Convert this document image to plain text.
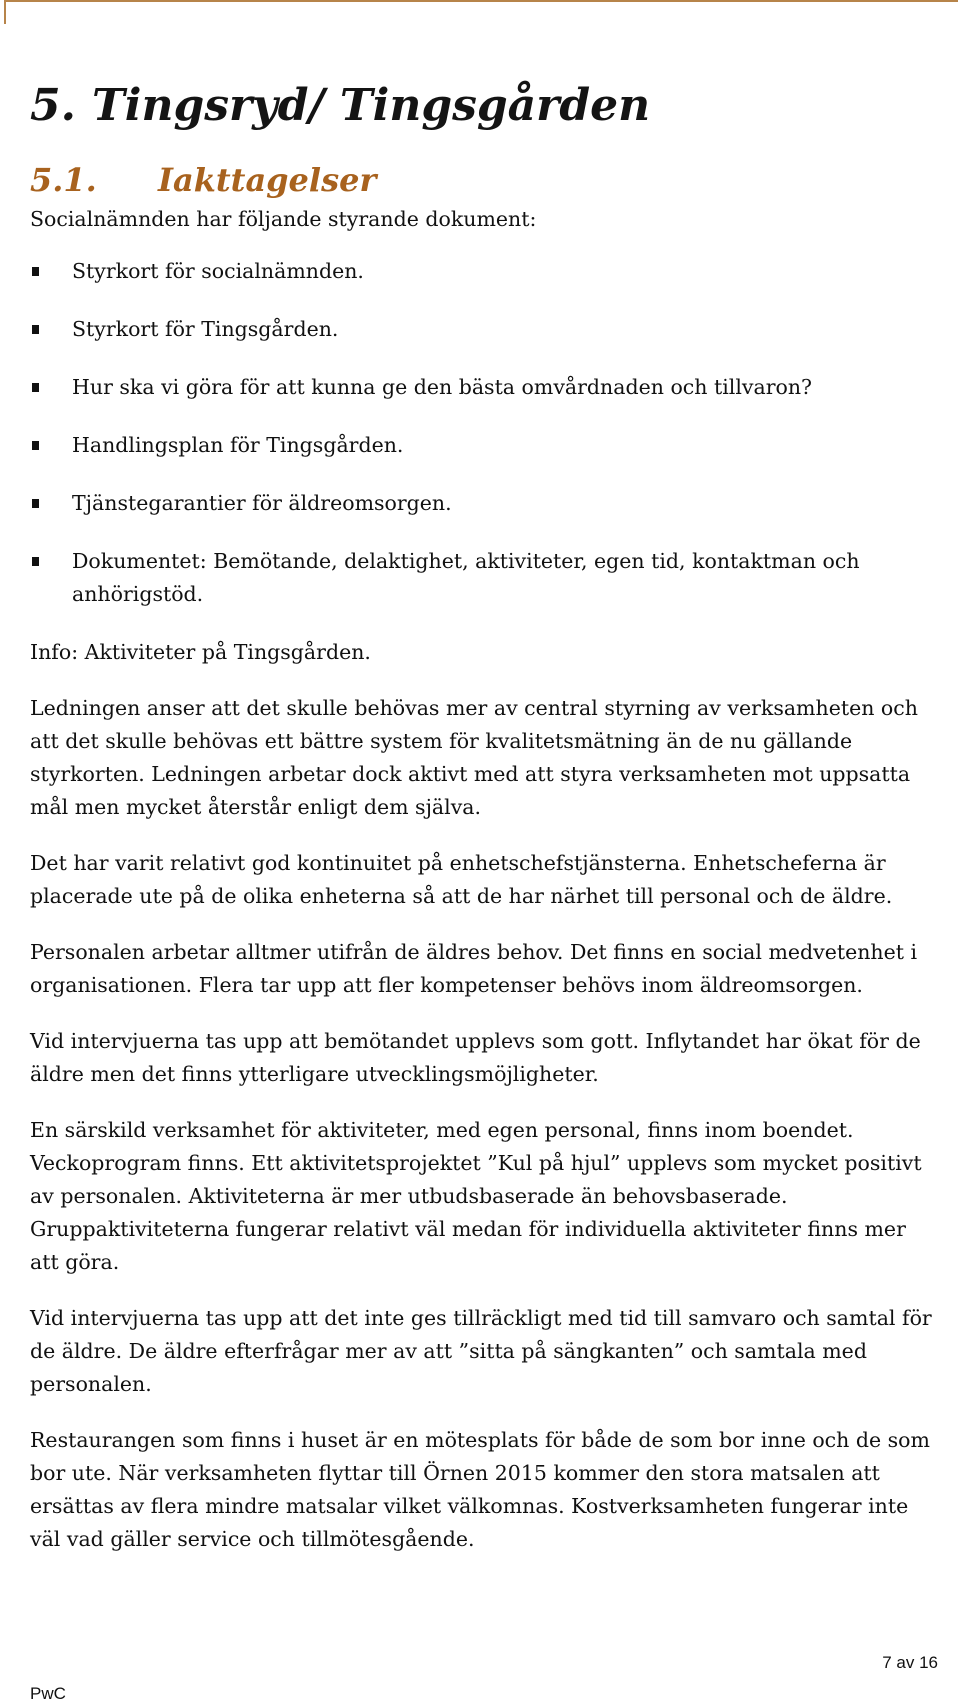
5. Tingsryd/ Tingsgården
5.1. Iakttagelser

Socialnämnden har följande styrande dokument:

Styrkort för socialnämnden.
Styrkort för Tingsgården.
Hur ska vi göra för att kunna ge den bästa omvårdnaden och tillvaron?
Handlingsplan för Tingsgården.
Tjänstegarantier för äldreomsorgen.
Dokumentet: Bemötande, delaktighet, aktiviteter, egen tid, kontaktman och anhörigstöd.

Info: Aktiviteter på Tingsgården.

Ledningen anser att det skulle behövas mer av central styrning av verksamheten och att det skulle behövas ett bättre system för kvalitetsmätning än de nu gällande styrkorten. Ledningen arbetar dock aktivt med att styra verksamheten mot uppsatta mål men mycket återstår enligt dem själva.

Det har varit relativt god kontinuitet på enhetschefstjänsterna. Enhetscheferna är placerade ute på de olika enheterna så att de har närhet till personal och de äldre.

Personalen arbetar alltmer utifrån de äldres behov. Det finns en social medvetenhet i organisationen. Flera tar upp att fler kompetenser behövs inom äldreomsorgen.

Vid intervjuerna tas upp att bemötandet upplevs som gott. Inflytandet har ökat för de äldre men det finns ytterligare utvecklingsmöjligheter.

En särskild verksamhet för aktiviteter, med egen personal, finns inom boendet. Veckoprogram finns. Ett aktivitetsprojektet ”Kul på hjul” upplevs som mycket positivt av personalen. Aktiviteterna är mer utbudsbaserade än behovsbaserade. Gruppaktiviteterna fungerar relativt väl medan för individuella aktiviteter finns mer att göra.

Vid intervjuerna tas upp att det inte ges tillräckligt med tid till samvaro och samtal för de äldre. De äldre efterfrågar mer av att ”sitta på sängkanten” och samtala med personalen.

Restaurangen som finns i huset är en mötesplats för både de som bor inne och de som bor ute. När verksamheten flyttar till Örnen 2015 kommer den stora matsalen att ersättas av flera mindre matsalar vilket välkomnas. Kostverksamheten fungerar inte väl vad gäller service och tillmötesgående.

7 av 16
PwC
